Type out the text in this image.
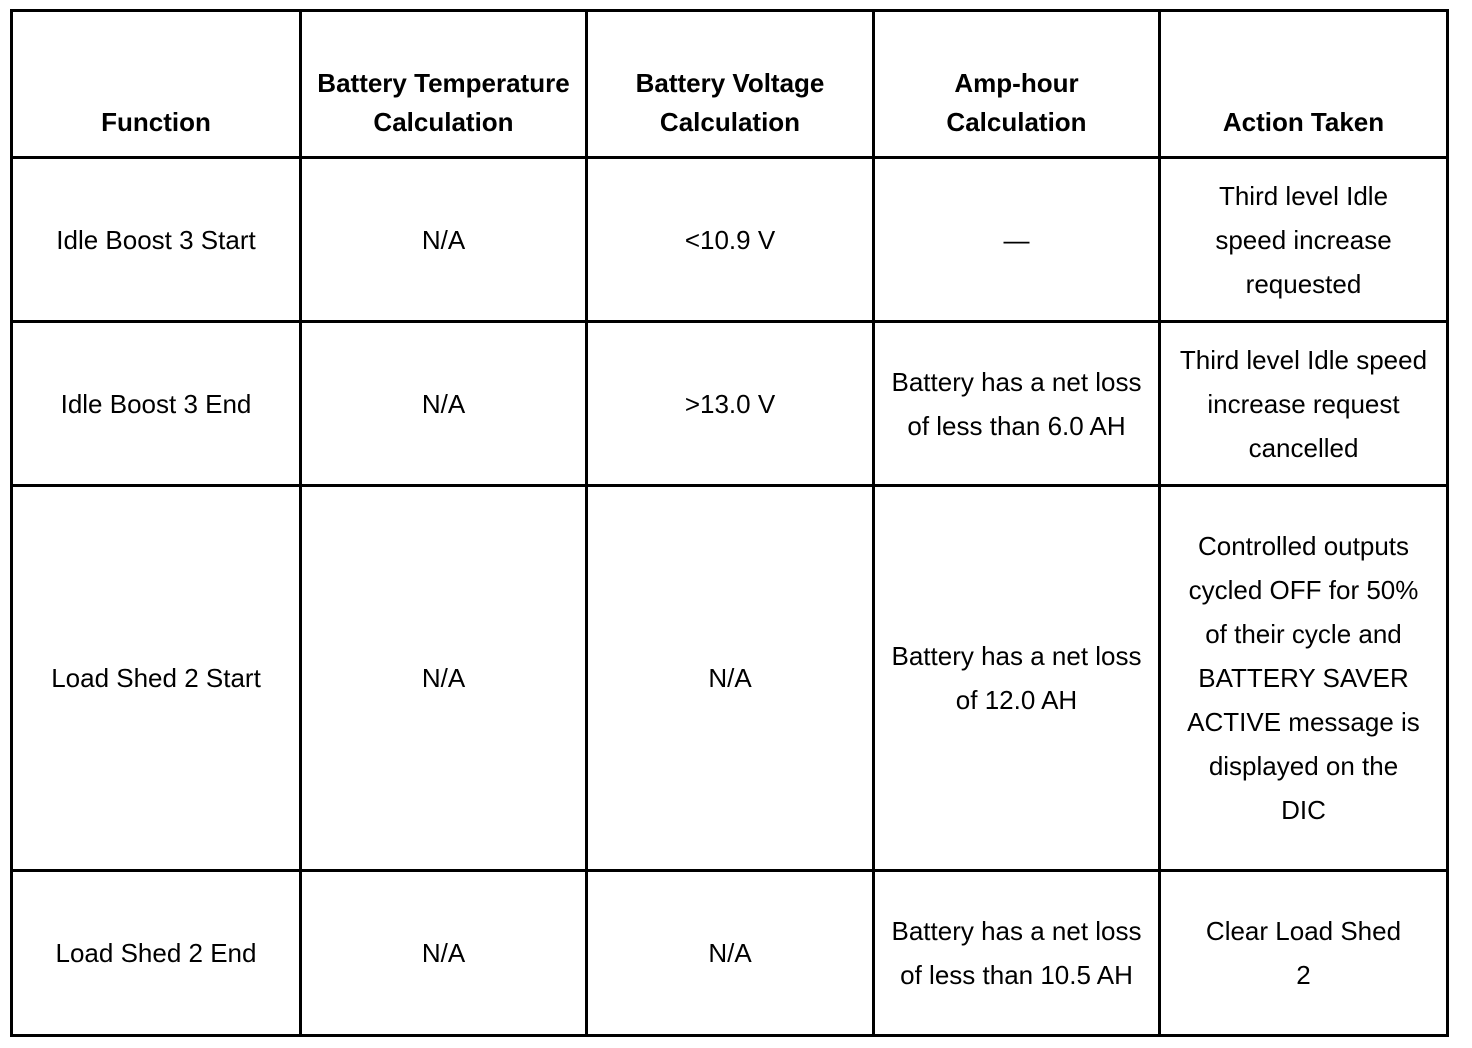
Function	Battery Temperature Calculation	Battery Voltage Calculation	Amp-hour Calculation	Action Taken

Idle Boost 3 Start	N/A	<10.9 V	—	Third level Idle speed increase requested

Idle Boost 3 End	N/A	>13.0 V	Battery has a net loss of less than 6.0 AH	Third level Idle speed increase request cancelled

Load Shed 2 Start	N/A	N/A	Battery has a net loss of 12.0 AH	Controlled outputs cycled OFF for 50% of their cycle and BATTERY SAVER ACTIVE message is displayed on the DIC

Load Shed 2 End	N/A	N/A	Battery has a net loss of less than 10.5 AH	Clear Load Shed 2
